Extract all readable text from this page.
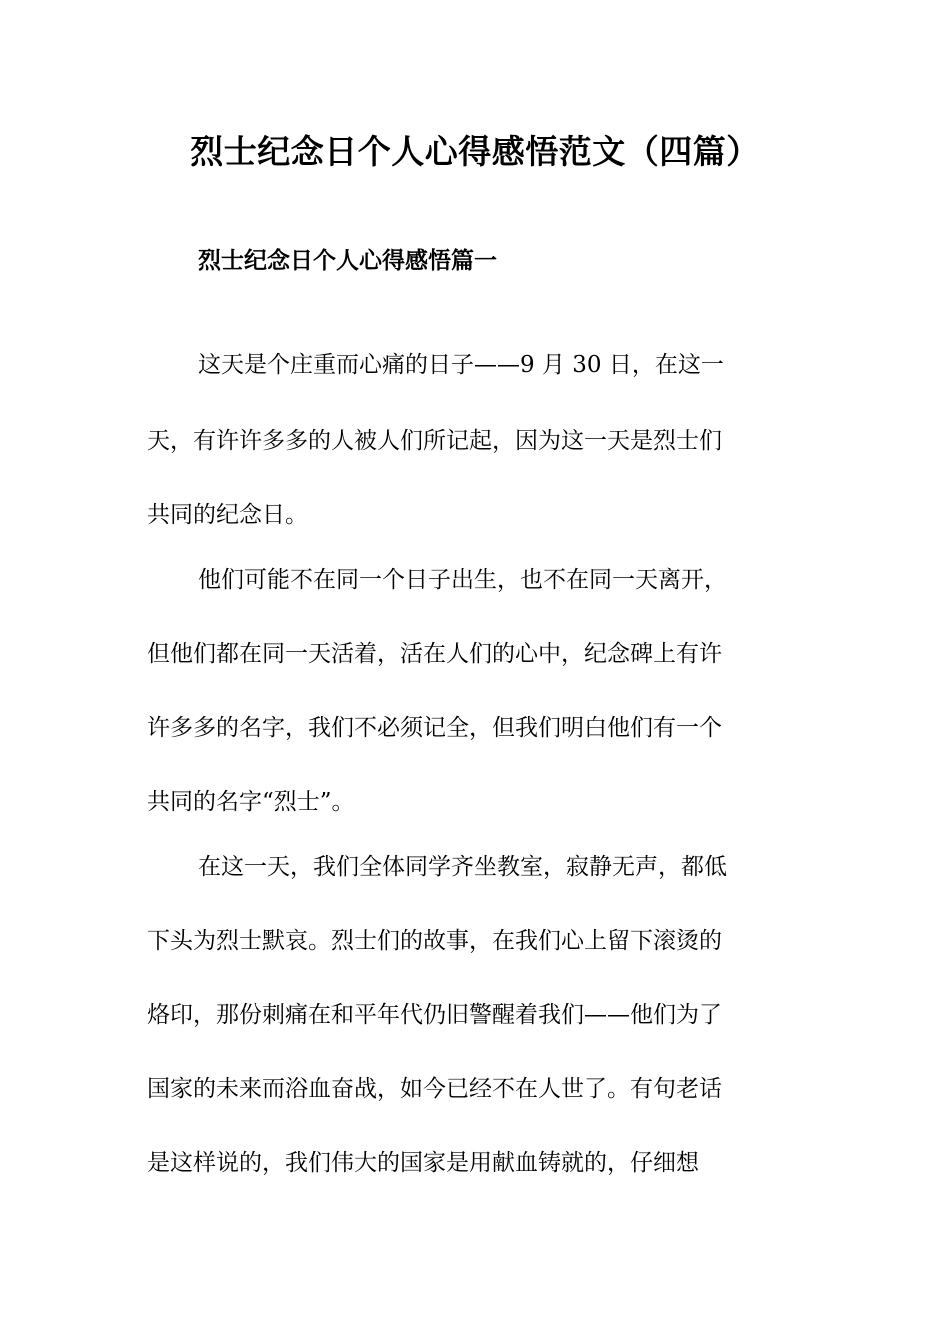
烈士纪念日个人心得感悟范文（四篇）
烈士纪念日个人心得感悟篇一

这天是个庄重而心痛的日子——9 月 30 日，在这一

天，有许许多多的人被人们所记起，因为这一天是烈士们

共同的纪念日。

他们可能不在同一个日子出生，也不在同一天离开，

但他们都在同一天活着，活在人们的心中，纪念碑上有许

许多多的名字，我们不必须记全，但我们明白他们有一个

共同的名字“烈士”。

在这一天，我们全体同学齐坐教室，寂静无声，都低

下头为烈士默哀。烈士们的故事，在我们心上留下滚烫的

烙印，那份刺痛在和平年代仍旧警醒着我们——他们为了

国家的未来而浴血奋战，如今已经不在人世了。有句老话

是这样说的，我们伟大的国家是用献血铸就的，仔细想
